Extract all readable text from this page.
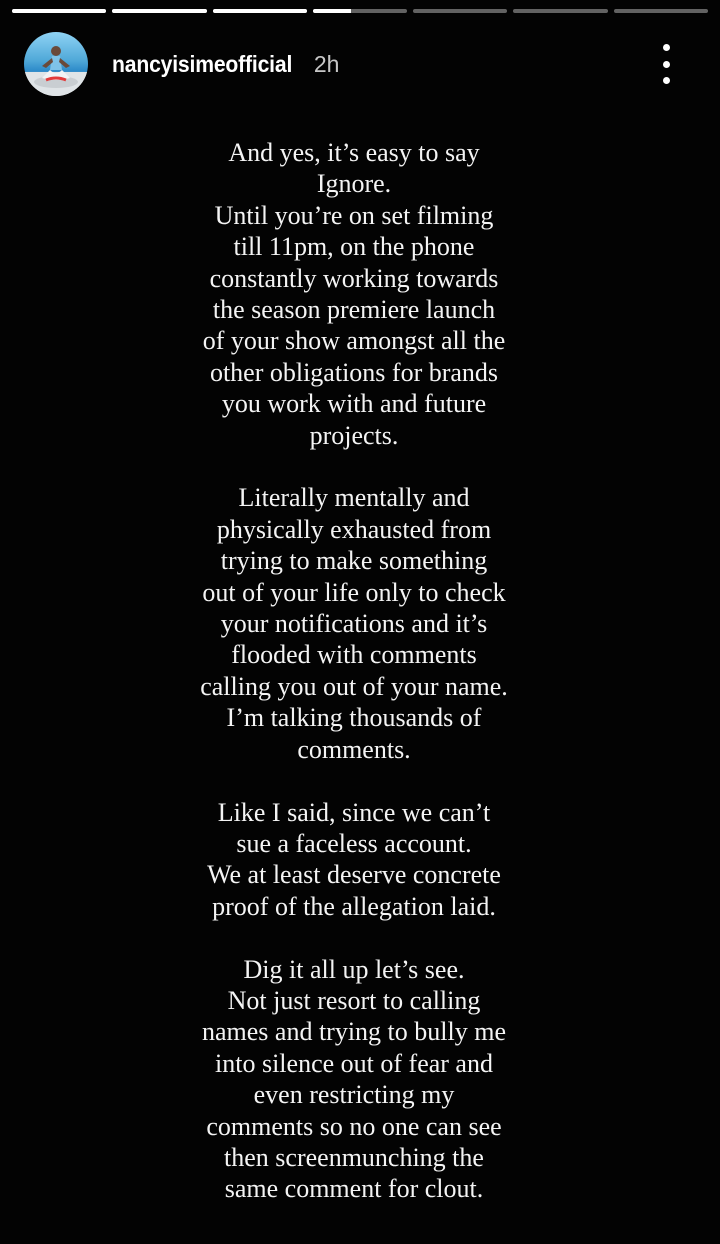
nancyisimeofficial 2h
And yes, it’s easy to say
Ignore.
Until you’re on set filming
till 11pm, on the phone
constantly working towards
the season premiere launch
of your show amongst all the
other obligations for brands
you work with and future
projects.
Literally mentally and
physically exhausted from
trying to make something
out of your life only to check
your notifications and it’s
flooded with comments
calling you out of your name.
I’m talking thousands of
comments.
Like I said, since we can’t
sue a faceless account.
We at least deserve concrete
proof of the allegation laid.
Dig it all up let’s see.
Not just resort to calling
names and trying to bully me
into silence out of fear and
even restricting my
comments so no one can see
then screenmunching the
same comment for clout.
